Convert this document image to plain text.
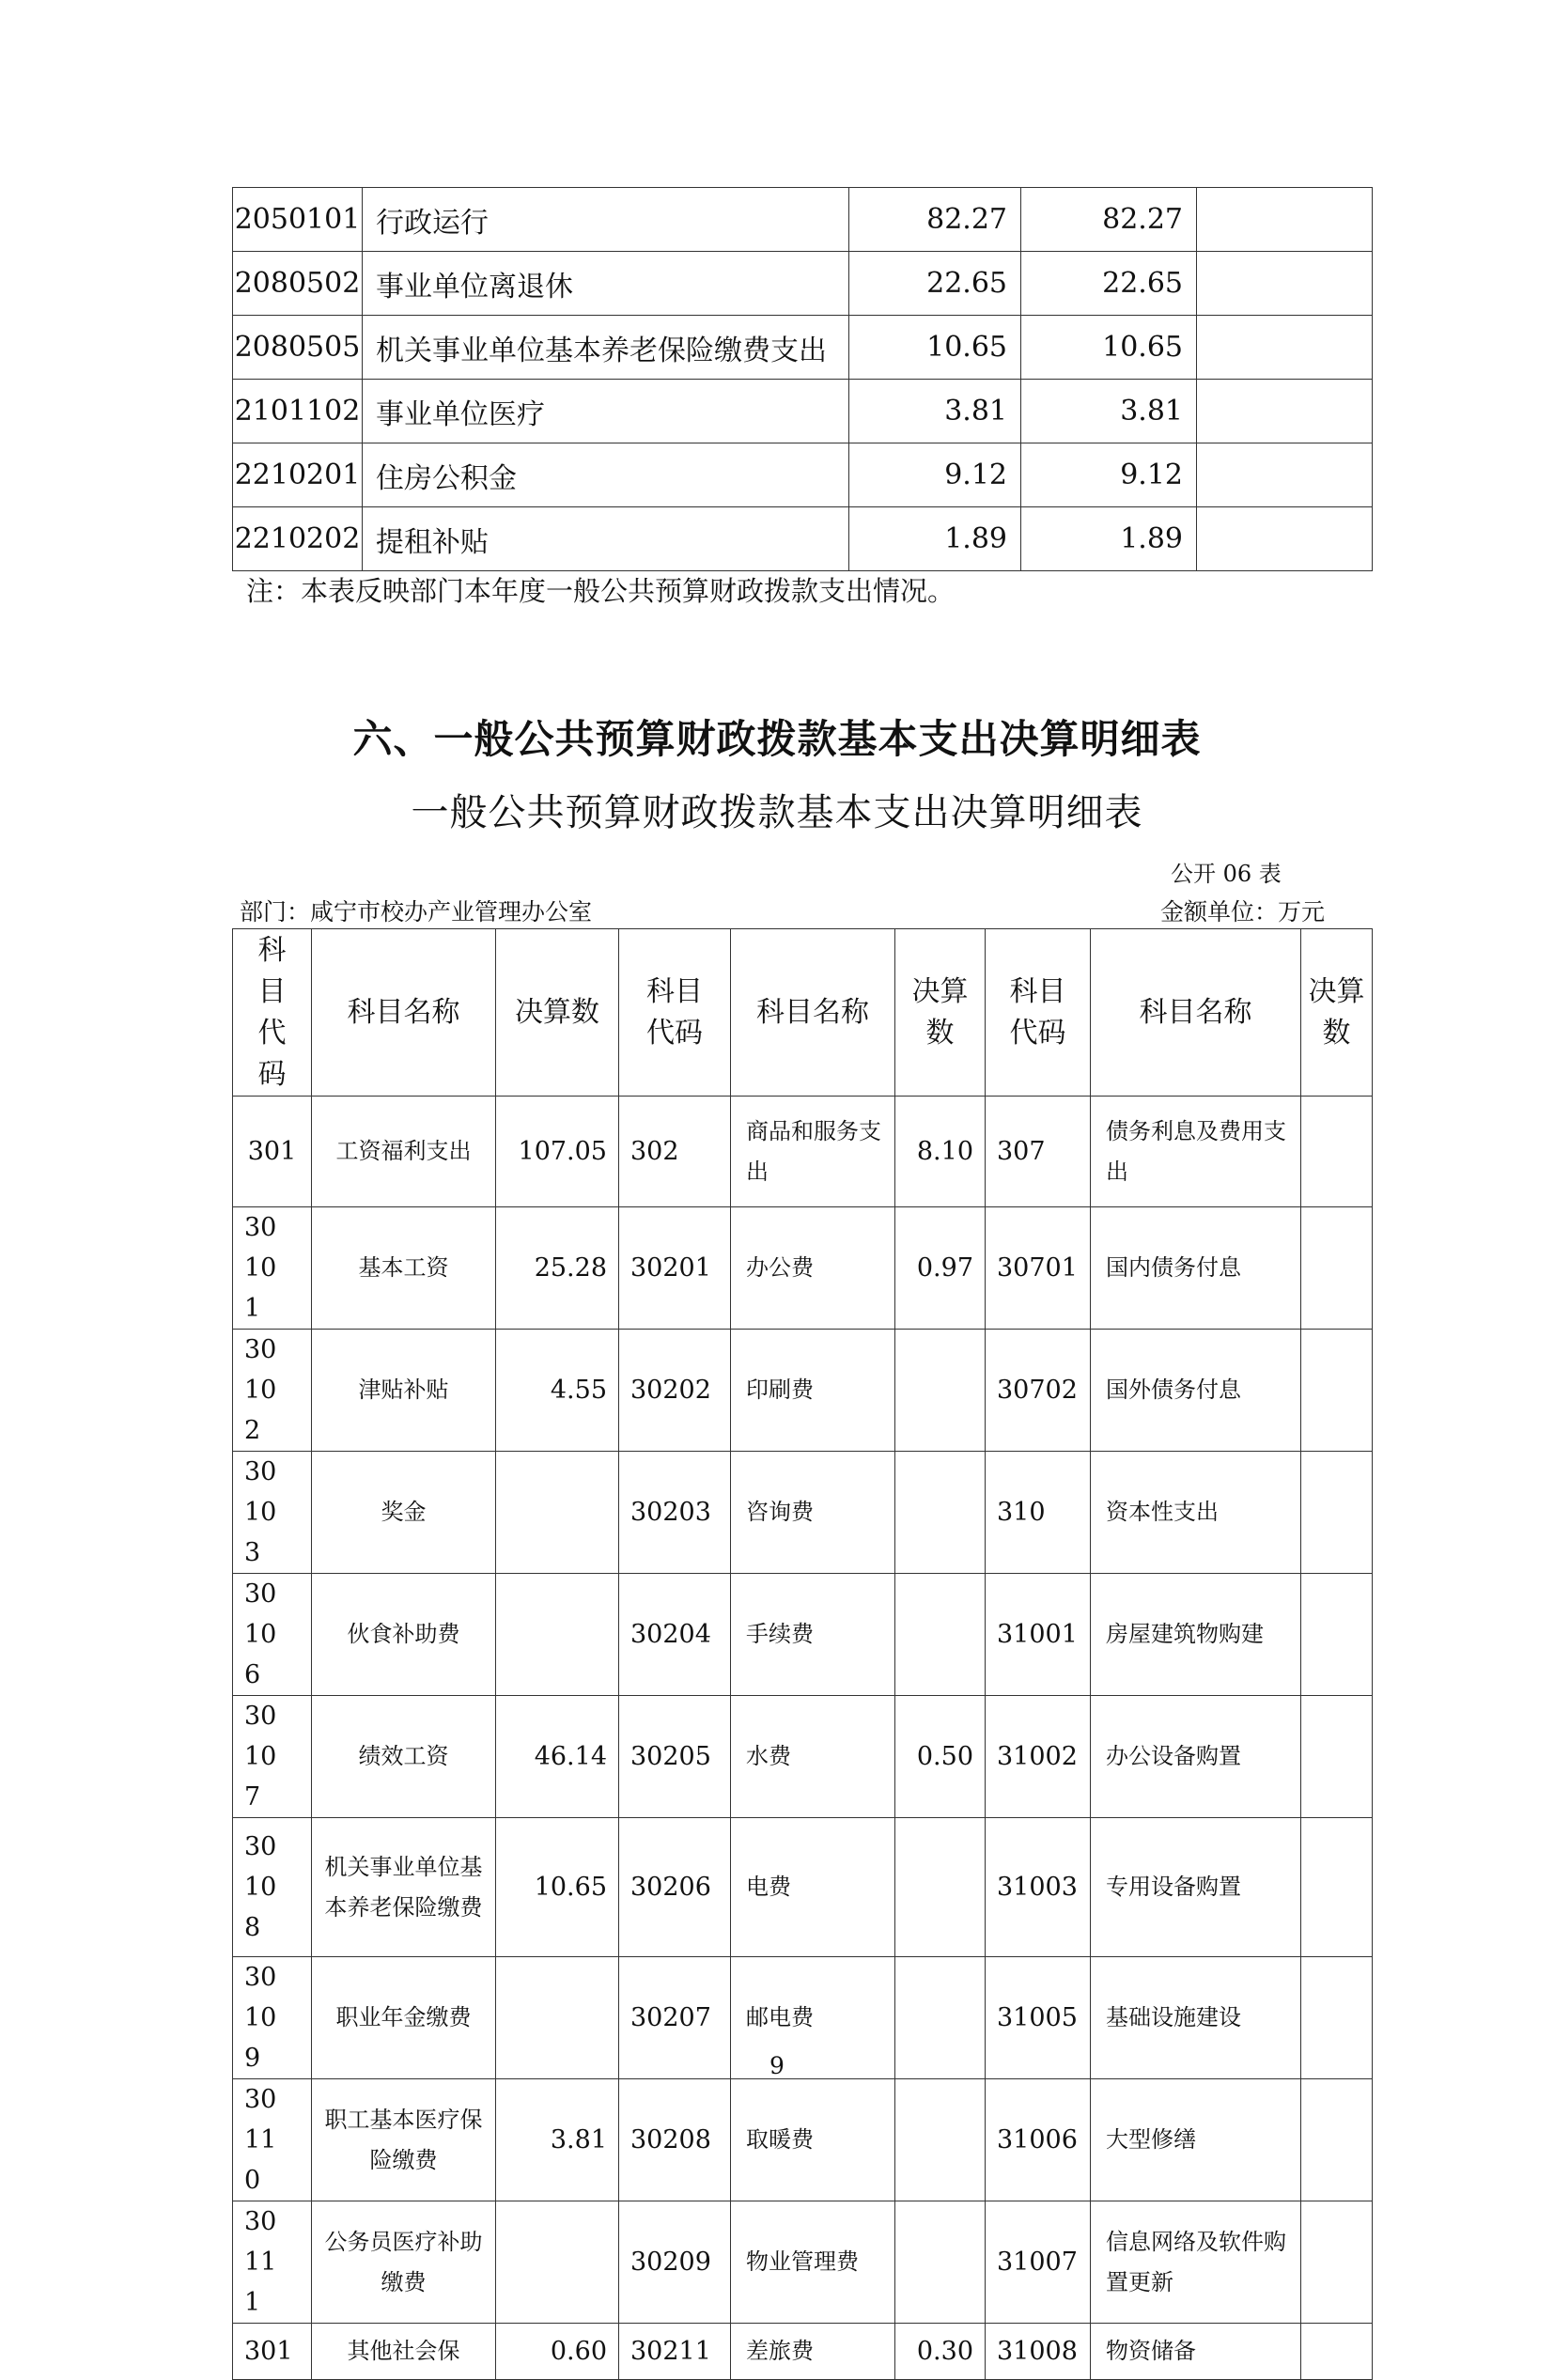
2050101	行政运行	82.27	82.27	
2080502	事业单位离退休	22.65	22.65	
2080505	机关事业单位基本养老保险缴费支出	10.65	10.65	
2101102	事业单位医疗	3.81	3.81	
2210201	住房公积金	9.12	9.12	
2210202	提租补贴	1.89	1.89	
注：本表反映部门本年度一般公共预算财政拨款支出情况。
六、一般公共预算财政拨款基本支出决算明细表
一般公共预算财政拨款基本支出决算明细表
公开 06 表
部门：咸宁市校办产业管理办公室	金额单位：万元
科目代码	科目名称	决算数	科目代码	科目名称	决算数	科目代码	科目名称	决算数
301	工资福利支出	107.05	302	商品和服务支出	8.10	307	债务利息及费用支出	
30101	基本工资	25.28	30201	办公费	0.97	30701	国内债务付息	
30102	津贴补贴	4.55	30202	印刷费		30702	国外债务付息	
30103	奖金		30203	咨询费		310	资本性支出	
30106	伙食补助费		30204	手续费		31001	房屋建筑物购建	
30107	绩效工资	46.14	30205	水费	0.50	31002	办公设备购置	
30108	机关事业单位基本养老保险缴费	10.65	30206	电费		31003	专用设备购置	
30109	职业年金缴费		30207	邮电费		31005	基础设施建设	
30110	职工基本医疗保险缴费	3.81	30208	取暖费		31006	大型修缮	
30111	公务员医疗补助缴费		30209	物业管理费		31007	信息网络及软件购置更新	
301	其他社会保	0.60	30211	差旅费	0.30	31008	物资储备	
9
